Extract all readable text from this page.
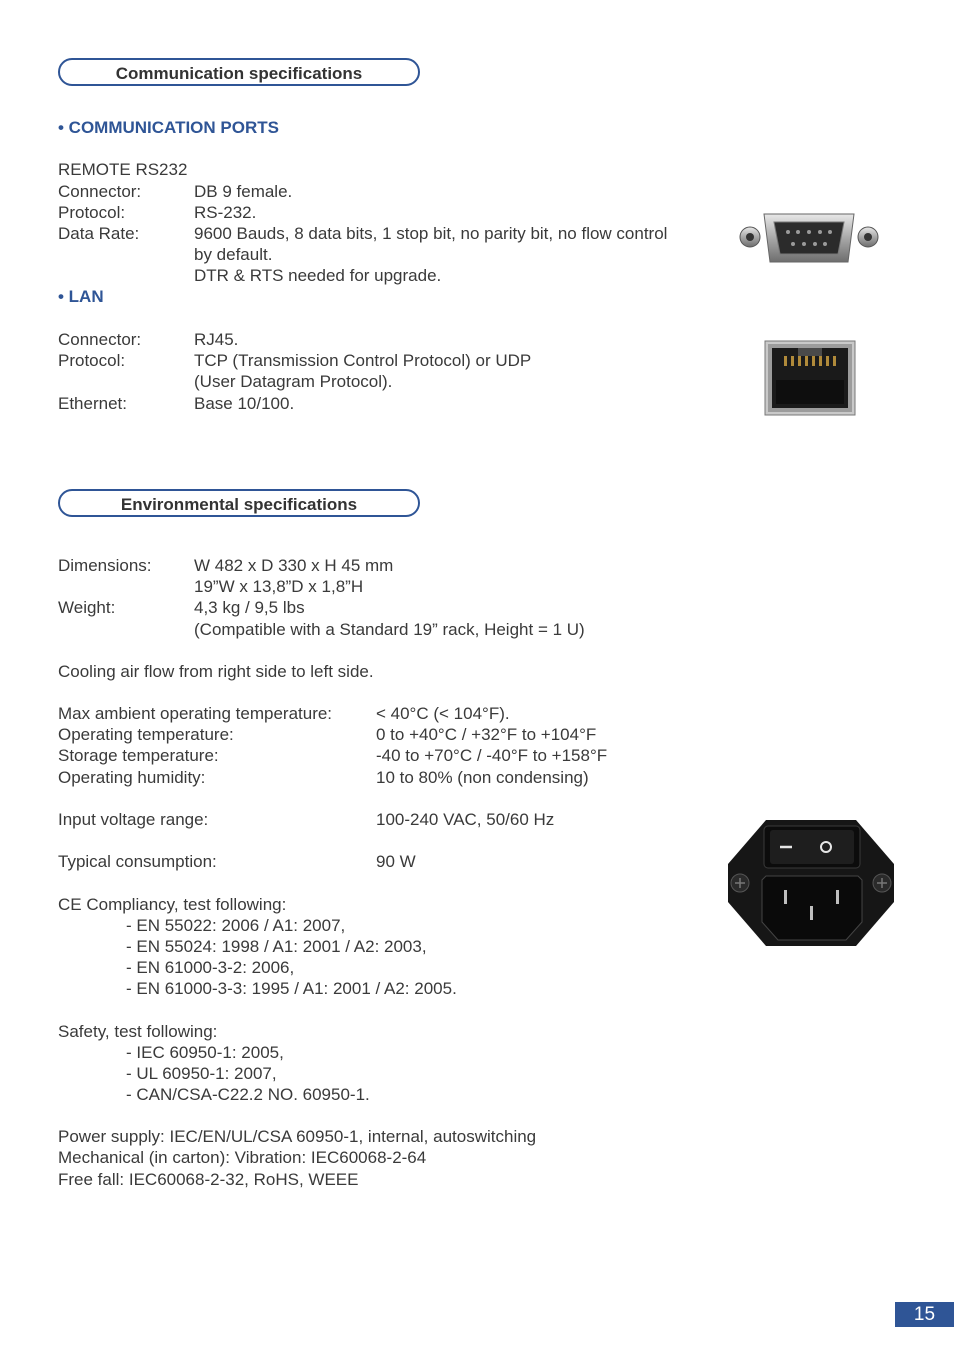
Communication specifications
• COMMUNICATION PORTS
REMOTE RS232
Connector:	DB 9 female.
Protocol:	RS-232.
Data Rate:	9600 Bauds, 8 data bits, 1 stop bit, no parity bit, no flow control
by default.
DTR & RTS needed for upgrade.
• LAN
Connector:	RJ45.
Protocol:	TCP (Transmission Control Protocol) or UDP
(User Datagram Protocol).
Ethernet:	Base 10/100.
Environmental specifications
Dimensions: W 482 x D 330 x H 45 mm
19”W x 13,8”D x 1,8”H
Weight:	4,3 kg / 9,5 lbs
(Compatible with a Standard 19” rack, Height = 1 U)
Cooling air flow from right side to left side.
Max ambient operating temperature:	< 40°C (< 104°F).
Operating temperature:	0 to +40°C / +32°F to +104°F
Storage temperature:	-40 to +70°C / -40°F to +158°F
Operating humidity:	10 to 80% (non condensing)
Input voltage range:	100-240 VAC, 50/60 Hz
Typical consumption:	90 W
CE Compliancy, test following:
- EN 55022: 2006 / A1: 2007,
- EN 55024: 1998 / A1: 2001 / A2: 2003,
- EN 61000-3-2: 2006,
- EN 61000-3-3: 1995 / A1: 2001 / A2: 2005.
Safety, test following:
- IEC 60950-1: 2005,
- UL 60950-1: 2007,
- CAN/CSA-C22.2 NO. 60950-1.
Power supply: IEC/EN/UL/CSA 60950-1, internal, autoswitching
Mechanical (in carton): Vibration: IEC60068-2-64
Free fall: IEC60068-2-32, RoHS, WEEE
15
